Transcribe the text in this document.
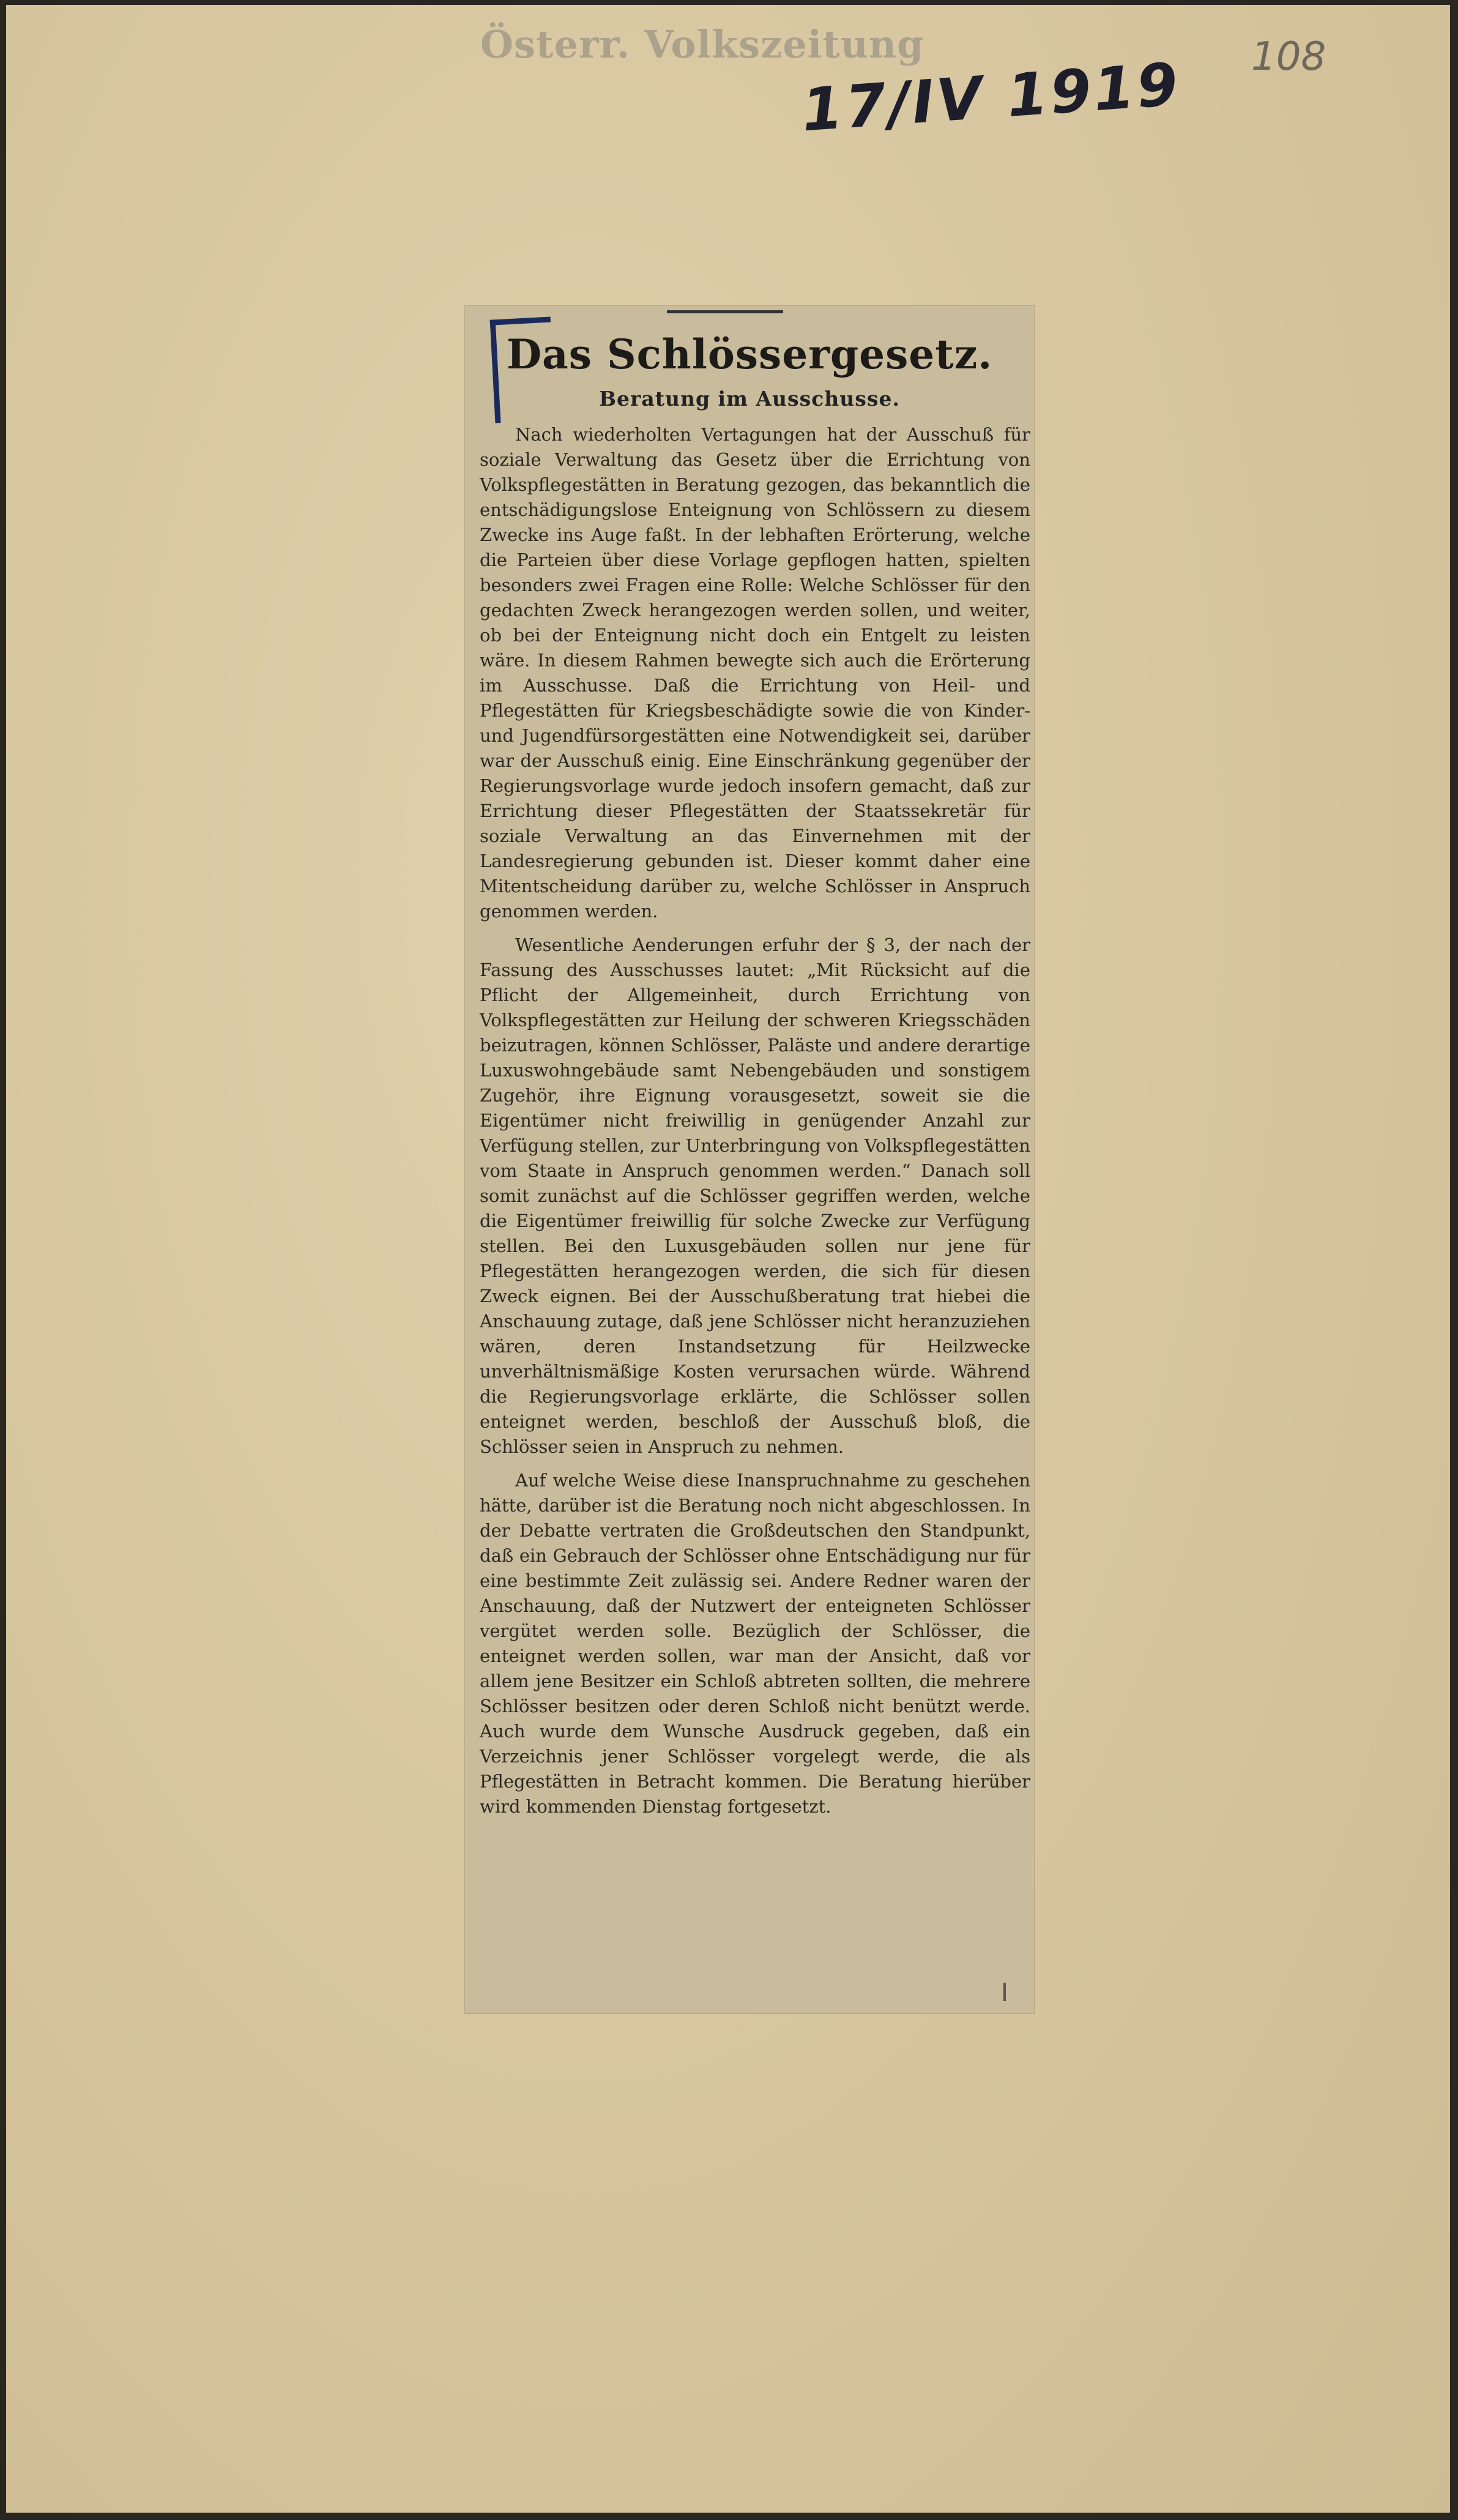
Österr. Volkszeitung
17/IV 1919 108
Das Schlössergesetz.
Beratung im Ausschusse.

Nach wiederholten Vertagungen hat der Ausschuß für soziale Verwaltung das Gesetz über die Errichtung von Volkspflegestätten in Beratung gezogen, das bekanntlich die entschädigungslose Enteignung von Schlössern zu diesem Zwecke ins Auge faßt. In der lebhaften Erörterung, welche die Parteien über diese Vorlage gepflogen hatten, spielten besonders zwei Fragen eine Rolle: Welche Schlösser für den gedachten Zweck herangezogen werden sollen, und weiter, ob bei der Enteignung nicht doch ein Entgelt zu leisten wäre. In diesem Rahmen bewegte sich auch die Erörterung im Ausschusse. Daß die Errichtung von Heil- und Pflegestätten für Kriegsbeschädigte sowie die von Kinder- und Jugendfürsorgestätten eine Notwendigkeit sei, darüber war der Ausschuß einig. Eine Einschränkung gegenüber der Regierungsvorlage wurde jedoch insofern gemacht, daß zur Errichtung dieser Pflegestätten der Staatssekretär für soziale Verwaltung an das Einvernehmen mit der Landesregierung gebunden ist. Dieser kommt daher eine Mitentscheidung darüber zu, welche Schlösser in Anspruch genommen werden.

Wesentliche Aenderungen erfuhr der § 3, der nach der Fassung des Ausschusses lautet: „Mit Rücksicht auf die Pflicht der Allgemeinheit, durch Errichtung von Volkspflegestätten zur Heilung der schweren Kriegsschäden beizutragen, können Schlösser, Paläste und andere derartige Luxuswohngebäude samt Nebengebäuden und sonstigem Zugehör, ihre Eignung vorausgesetzt, soweit sie die Eigentümer nicht freiwillig in genügender Anzahl zur Verfügung stellen, zur Unterbringung von Volkspflegestätten vom Staate in Anspruch genommen werden.“ Danach soll somit zunächst auf die Schlösser gegriffen werden, welche die Eigentümer freiwillig für solche Zwecke zur Verfügung stellen. Bei den Luxusgebäuden sollen nur jene für Pflegestätten herangezogen werden, die sich für diesen Zweck eignen. Bei der Ausschußberatung trat hiebei die Anschauung zutage, daß jene Schlösser nicht heranzuziehen wären, deren Instandsetzung für Heilzwecke unverhältnismäßige Kosten verursachen würde. Während die Regierungsvorlage erklärte, die Schlösser sollen enteignet werden, beschloß der Ausschuß bloß, die Schlösser seien in Anspruch zu nehmen.

Auf welche Weise diese Inanspruchnahme zu geschehen hätte, darüber ist die Beratung noch nicht abgeschlossen. In der Debatte vertraten die Großdeutschen den Standpunkt, daß ein Gebrauch der Schlösser ohne Entschädigung nur für eine bestimmte Zeit zulässig sei. Andere Redner waren der Anschauung, daß der Nutzwert der enteigneten Schlösser vergütet werden solle. Bezüglich der Schlösser, die enteignet werden sollen, war man der Ansicht, daß vor allem jene Besitzer ein Schloß abtreten sollten, die mehrere Schlösser besitzen oder deren Schloß nicht benützt werde. Auch wurde dem Wunsche Ausdruck gegeben, daß ein Verzeichnis jener Schlösser vorgelegt werde, die als Pflegestätten in Betracht kommen. Die Beratung hierüber wird kommenden Dienstag fortgesetzt.
